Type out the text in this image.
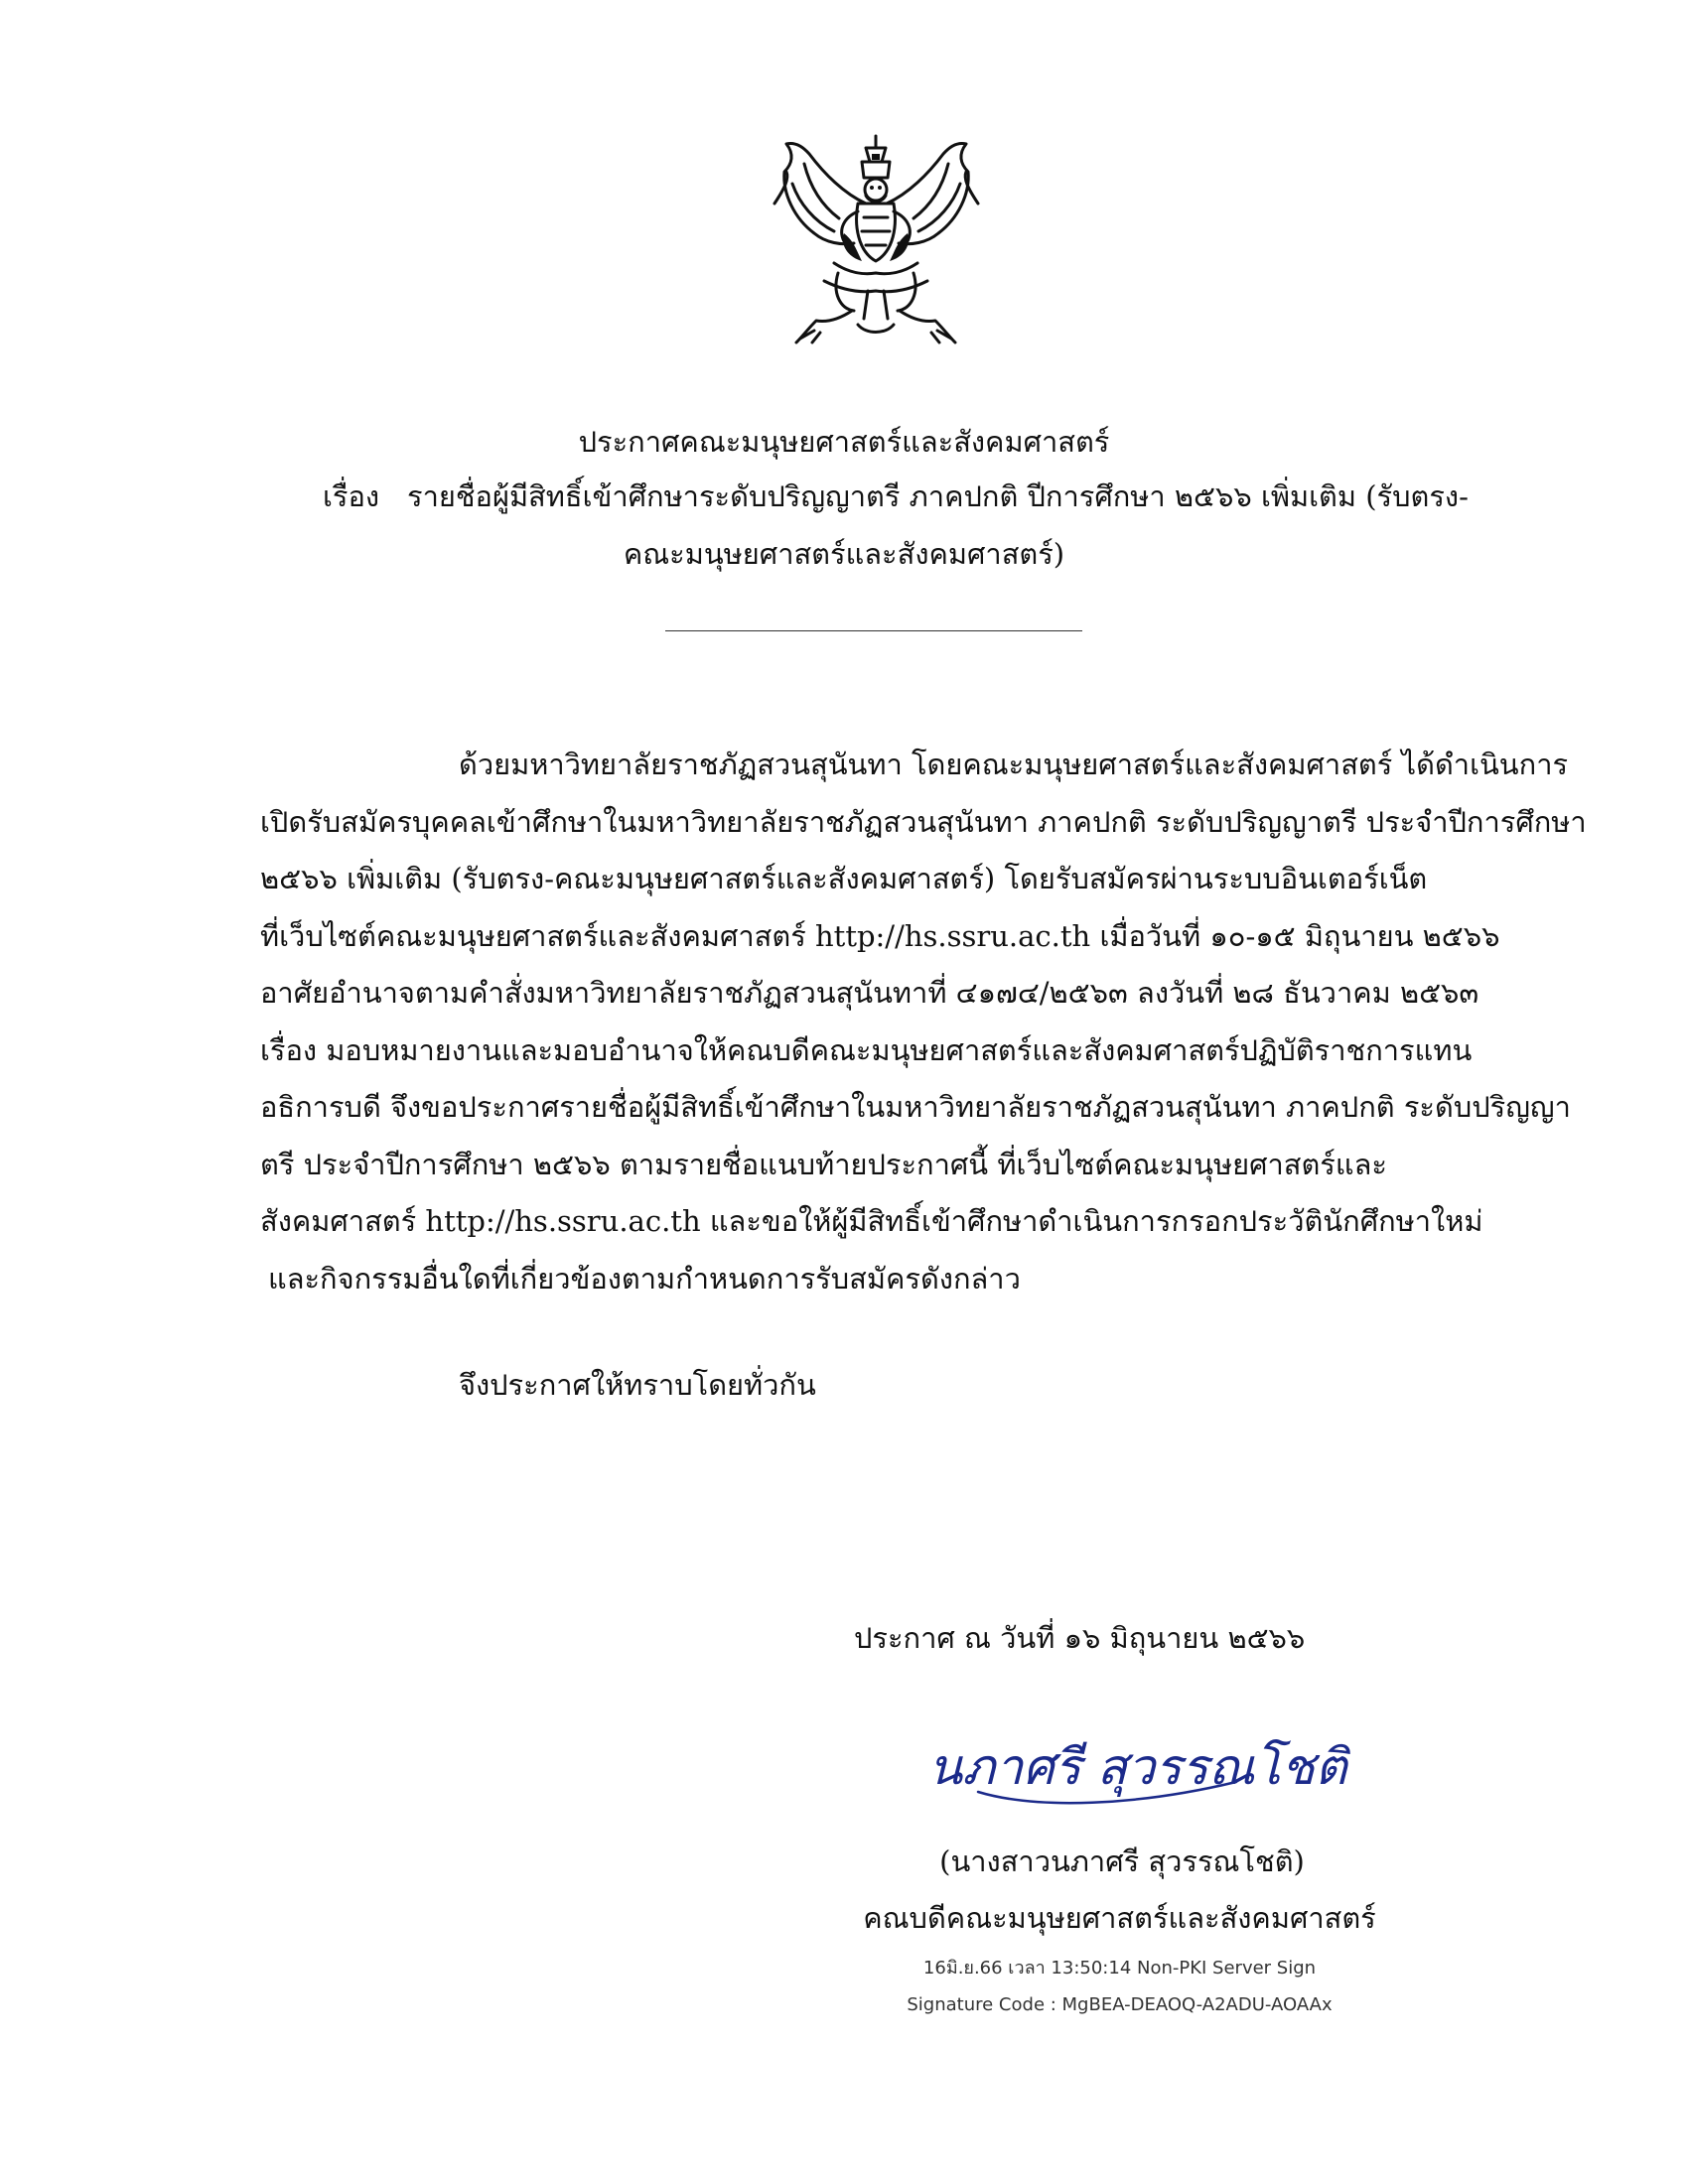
ประกาศคณะมนุษยศาสตร์และสังคมศาสตร์
เรื่อง รายชื่อผู้มีสิทธิ์เข้าศึกษาระดับปริญญาตรี ภาคปกติ ปีการศึกษา ๒๕๖๖ เพิ่มเติม (รับตรง-
คณะมนุษยศาสตร์และสังคมศาสตร์)
ด้วยมหาวิทยาลัยราชภัฏสวนสุนันทา โดยคณะมนุษยศาสตร์และสังคมศาสตร์ ได้ดำเนินการ
เปิดรับสมัครบุคคลเข้าศึกษาในมหาวิทยาลัยราชภัฏสวนสุนันทา ภาคปกติ ระดับปริญญาตรี ประจำปีการศึกษา
๒๕๖๖ เพิ่มเติม (รับตรง-คณะมนุษยศาสตร์และสังคมศาสตร์) โดยรับสมัครผ่านระบบอินเตอร์เน็ต
ที่เว็บไซต์คณะมนุษยศาสตร์และสังคมศาสตร์ http://hs.ssru.ac.th เมื่อวันที่ ๑๐-๑๕ มิถุนายน ๒๕๖๖
อาศัยอำนาจตามคำสั่งมหาวิทยาลัยราชภัฏสวนสุนันทาที่ ๔๑๗๔/๒๕๖๓ ลงวันที่ ๒๘ ธันวาคม ๒๕๖๓
เรื่อง มอบหมายงานและมอบอำนาจให้คณบดีคณะมนุษยศาสตร์และสังคมศาสตร์ปฏิบัติราชการแทน
อธิการบดี จึงขอประกาศรายชื่อผู้มีสิทธิ์เข้าศึกษาในมหาวิทยาลัยราชภัฏสวนสุนันทา ภาคปกติ ระดับปริญญา
ตรี ประจำปีการศึกษา ๒๕๖๖ ตามรายชื่อแนบท้ายประกาศนี้ ที่เว็บไซต์คณะมนุษยศาสตร์และ
สังคมศาสตร์ http://hs.ssru.ac.th และขอให้ผู้มีสิทธิ์เข้าศึกษาดำเนินการกรอกประวัตินักศึกษาใหม่
และกิจกรรมอื่นใดที่เกี่ยวข้องตามกำหนดการรับสมัครดังกล่าว
จึงประกาศให้ทราบโดยทั่วกัน
ประกาศ ณ วันที่ ๑๖ มิถุนายน ๒๕๖๖
นภาศรี สุวรรณโชติ
(นางสาวนภาศรี สุวรรณโชติ)
คณบดีคณะมนุษยศาสตร์และสังคมศาสตร์
16มิ.ย.66 เวลา 13:50:14 Non-PKI Server Sign
Signature Code : MgBEA-DEAOQ-A2ADU-AOAAx
